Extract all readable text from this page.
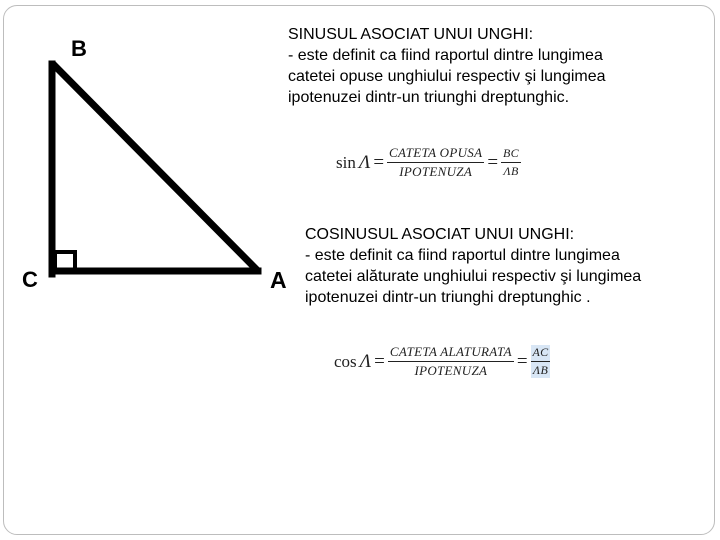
B
C	A
SINUSUL ASOCIAT UNUI UNGHI:
- este definit ca fiind raportul dintre lungimea
catetei opuse unghiului respectiv şi lungimea
ipotenuzei dintr-un triunghi dreptunghic.
$\sin \Lambda = \frac{\text{CATETA OPUSA}}{\text{IPOTENUZA}} = \frac{BC}{\Lambda B}$
COSINUSUL ASOCIAT UNUI UNGHI:
- este definit ca fiind raportul dintre lungimea
catetei alăturate unghiului respectiv şi lungimea
ipotenuzei dintr-un triunghi dreptunghic .
$\cos \Lambda = \frac{\text{CATETA ALATURATA}}{\text{IPOTENUZA}} = \frac{AC}{\Lambda B}$
